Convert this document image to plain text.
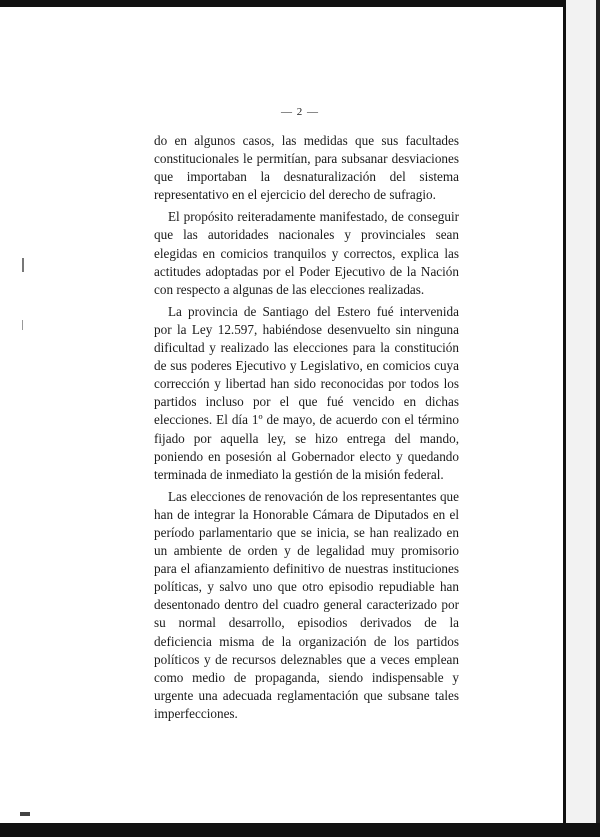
— 2 —

do en algunos casos, las medidas que sus facultades constitucionales le permitían, para subsanar desviaciones que importaban la desnaturalización del sistema representativo en el ejercicio del derecho de sufragio.

El propósito reiteradamente manifestado, de conseguir que las autoridades nacionales y provinciales sean elegidas en comicios tranquilos y correctos, explica las actitudes adoptadas por el Poder Ejecutivo de la Nación con respecto a algunas de las elecciones realizadas.

La provincia de Santiago del Estero fué intervenida por la Ley 12.597, habiéndose desenvuelto sin ninguna dificultad y realizado las elecciones para la constitución de sus poderes Ejecutivo y Legislativo, en comicios cuya corrección y libertad han sido reconocidas por todos los partidos incluso por el que fué vencido en dichas elecciones. El día 1º de mayo, de acuerdo con el término fijado por aquella ley, se hizo entrega del mando, poniendo en posesión al Gobernador electo y quedando terminada de inmediato la gestión de la misión federal.

Las elecciones de renovación de los representantes que han de integrar la Honorable Cámara de Diputados en el período parlamentario que se inicia, se han realizado en un ambiente de orden y de legalidad muy promisorio para el afianzamiento definitivo de nuestras instituciones políticas, y salvo uno que otro episodio repudiable han desentonado dentro del cuadro general caracterizado por su normal desarrollo, episodios derivados de la deficiencia misma de la organización de los partidos políticos y de recursos deleznables que a veces emplean como medio de propaganda, siendo indispensable y urgente una adecuada reglamentación que subsane tales imperfecciones.
